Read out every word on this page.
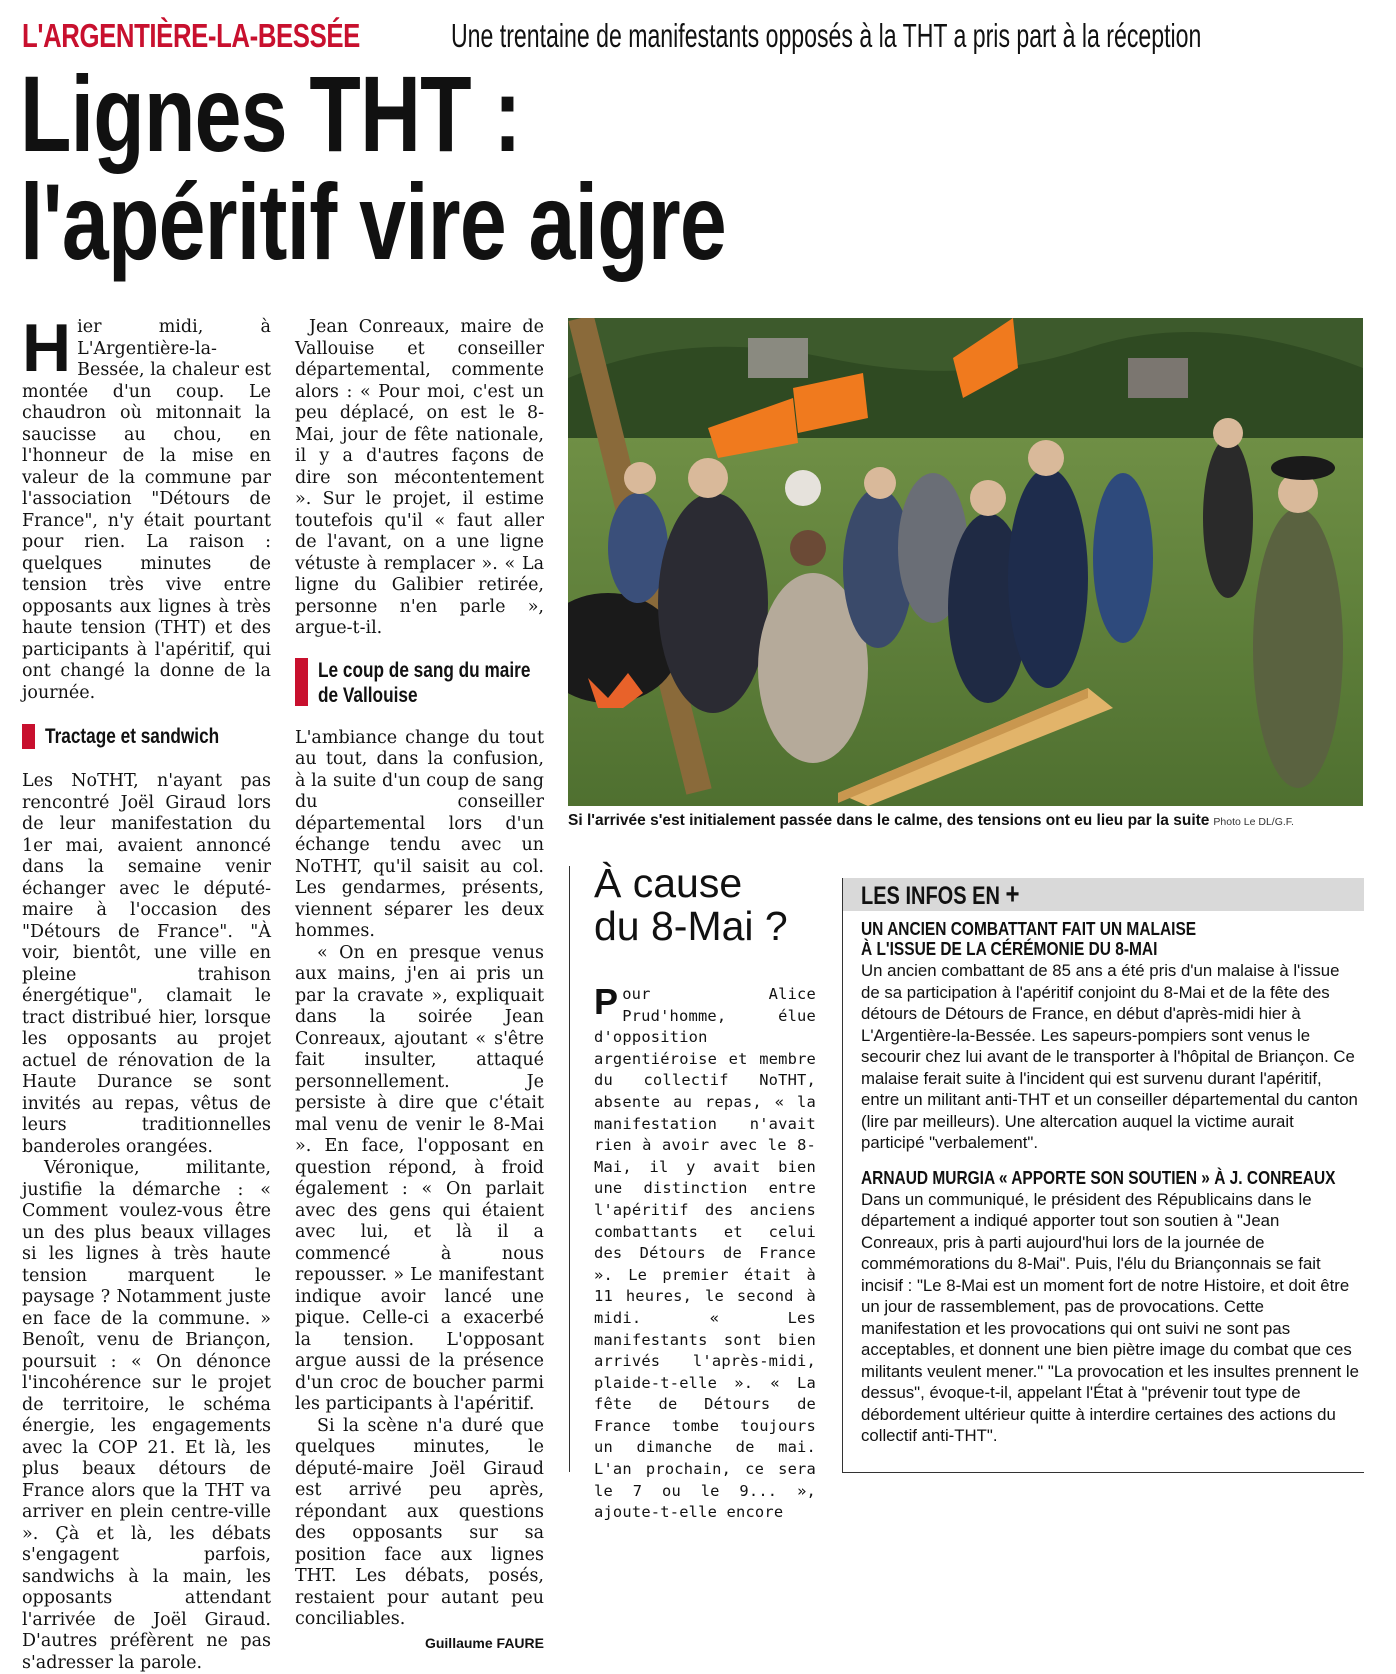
L'ARGENTIÈRE-LA-BESSÉE	Une trentaine de manifestants opposés à la THT a pris part à la réception
Lignes THT :
l'apéritif vire aigre

Hier midi, à L'Argentière-la-Bessée, la chaleur est montée d'un coup. Le chaudron où mitonnait la saucisse au chou, en l'honneur de la mise en valeur de la commune par l'association "Détours de France", n'y était pourtant pour rien. La raison : quelques minutes de tension très vive entre opposants aux lignes à très haute tension (THT) et des participants à l'apéritif, qui ont changé la donne de la journée.

Tractage et sandwich

Les NoTHT, n'ayant pas rencontré Joël Giraud lors de leur manifestation du 1er mai, avaient annoncé dans la semaine venir échanger avec le député-maire à l'occasion des "Détours de France". "À voir, bientôt, une ville en pleine trahison énergétique", clamait le tract distribué hier, lorsque les opposants au projet actuel de rénovation de la Haute Durance se sont invités au repas, vêtus de leurs traditionnelles banderoles orangées.

Véronique, militante, justifie la démarche : « Comment voulez-vous être un des plus beaux villages si les lignes à très haute tension marquent le paysage ? Notamment juste en face de la commune. » Benoît, venu de Briançon, poursuit : « On dénonce l'incohérence sur le projet de territoire, le schéma énergie, les engagements avec la COP 21. Et là, les plus beaux détours de France alors que la THT va arriver en plein centre-ville ». Çà et là, les débats s'engagent parfois, sandwichs à la main, les opposants attendant l'arrivée de Joël Giraud. D'autres préfèrent ne pas s'adresser la parole.

Jean Conreaux, maire de Vallouise et conseiller départemental, commente alors : « Pour moi, c'est un peu déplacé, on est le 8-Mai, jour de fête nationale, il y a d'autres façons de dire son mécontentement ». Sur le projet, il estime toutefois qu'il « faut aller de l'avant, on a une ligne vétuste à remplacer ». « La ligne du Galibier retirée, personne n'en parle », argue-t-il.

Le coup de sang du maire
de Vallouise

L'ambiance change du tout au tout, dans la confusion, à la suite d'un coup de sang du conseiller départemental lors d'un échange tendu avec un NoTHT, qu'il saisit au col. Les gendarmes, présents, viennent séparer les deux hommes.

« On en presque venus aux mains, j'en ai pris un par la cravate », expliquait dans la soirée Jean Conreaux, ajoutant « s'être fait insulter, attaqué personnellement. Je persiste à dire que c'était mal venu de venir le 8-Mai ». En face, l'opposant en question répond, à froid également : « On parlait avec des gens qui étaient avec lui, et là il a commencé à nous repousser. » Le manifestant indique avoir lancé une pique. Celle-ci a exacerbé la tension. L'opposant argue aussi de la présence d'un croc de boucher parmi les participants à l'apéritif.

Si la scène n'a duré que quelques minutes, le député-maire Joël Giraud est arrivé peu après, répondant aux questions des opposants sur sa position face aux lignes THT. Les débats, posés, restaient pour autant peu conciliables.

Guillaume FAURE
Si l'arrivée s'est initialement passée dans le calme, des tensions ont eu lieu par la suite Photo Le DL/G.F.
À cause
du 8-Mai ?
Pour Alice Prud'homme, élue d'opposition argentiéroise et membre du collectif NoTHT, absente au repas, « la manifestation n'avait rien à avoir avec le 8-Mai, il y avait bien une distinction entre l'apéritif des anciens combattants et celui des Détours de France ». Le premier était à 11 heures, le second à midi. « Les manifestants sont bien arrivés l'après-midi, plaide-t-elle ». « La fête de Détours de France tombe toujours un dimanche de mai. L'an prochain, ce sera le 7 ou le 9... », ajoute-t-elle encore
LES INFOS EN +
UN ANCIEN COMBATTANT FAIT UN MALAISE
À L'ISSUE DE LA CÉRÉMONIE DU 8-MAI
Un ancien combattant de 85 ans a été pris d'un malaise à l'issue de sa participation à l'apéritif conjoint du 8-Mai et de la fête des détours de Détours de France, en début d'après-midi hier à L'Argentière-la-Bessée. Les sapeurs-pompiers sont venus le secourir chez lui avant de le transporter à l'hôpital de Briançon. Ce malaise ferait suite à l'incident qui est survenu durant l'apéritif, entre un militant anti-THT et un conseiller départemental du canton (lire par meilleurs). Une altercation auquel la victime aurait participé "verbalement".
ARNAUD MURGIA « APPORTE SON SOUTIEN » À J. CONREAUX
Dans un communiqué, le président des Républicains dans le département a indiqué apporter tout son soutien à "Jean Conreaux, pris à parti aujourd'hui lors de la journée de commémorations du 8-Mai". Puis, l'élu du Briançonnais se fait incisif : "Le 8-Mai est un moment fort de notre Histoire, et doit être un jour de rassemblement, pas de provocations. Cette manifestation et les provocations qui ont suivi ne sont pas acceptables, et donnent une bien piètre image du combat que ces militants veulent mener." "La provocation et les insultes prennent le dessus", évoque-t-il, appelant l'État à "prévenir tout type de débordement ultérieur quitte à interdire certaines des actions du collectif anti-THT".
